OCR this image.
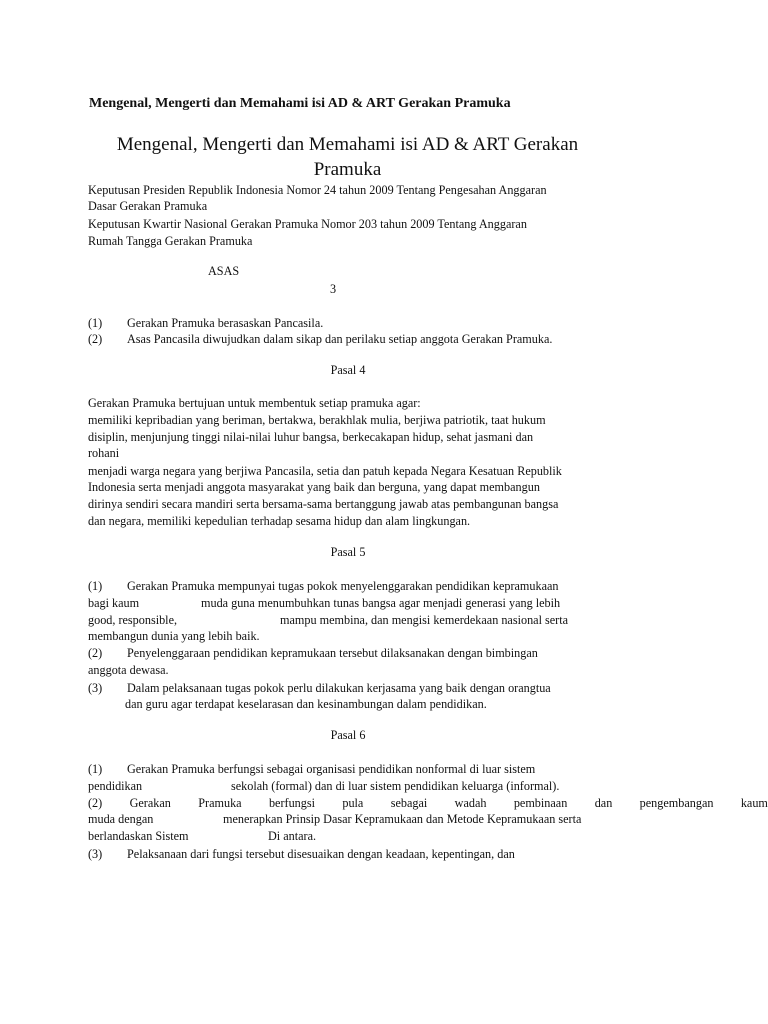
Mengenal, Mengerti dan Memahami isi AD & ART Gerakan Pramuka
Mengenal, Mengerti dan Memahami isi AD & ART Gerakan
Pramuka
Keputusan Presiden Republik Indonesia Nomor 24 tahun 2009 Tentang Pengesahan Anggaran
Dasar Gerakan Pramuka
Keputusan Kwartir Nasional Gerakan Pramuka Nomor 203 tahun 2009 Tentang Anggaran
Rumah Tangga Gerakan Pramuka
ASAS
3
(1) Gerakan Pramuka berasaskan Pancasila.
(2) Asas Pancasila diwujudkan dalam sikap dan perilaku setiap anggota Gerakan Pramuka.
Pasal 4
Gerakan Pramuka bertujuan untuk membentuk setiap pramuka agar:
memiliki kepribadian yang beriman, bertakwa, berakhlak mulia, berjiwa patriotik, taat hukum
disiplin, menjunjung tinggi nilai-nilai luhur bangsa, berkecakapan hidup, sehat jasmani dan
rohani
menjadi warga negara yang berjiwa Pancasila, setia dan patuh kepada Negara Kesatuan Republik
Indonesia serta menjadi anggota masyarakat yang baik dan berguna, yang dapat membangun
dirinya sendiri secara mandiri serta bersama-sama bertanggung jawab atas pembangunan bangsa
dan negara, memiliki kepedulian terhadap sesama hidup dan alam lingkungan.
Pasal 5
(1) Gerakan Pramuka mempunyai tugas pokok menyelenggarakan pendidikan kepramukaan
bagi kaum	muda guna menumbuhkan tunas bangsa agar menjadi generasi yang lebih
good, responsible,	mampu membina, dan mengisi kemerdekaan nasional serta
membangun dunia yang lebih baik.
(2) Penyelenggaraan pendidikan kepramukaan tersebut dilaksanakan dengan bimbingan
anggota dewasa.
(3) Dalam pelaksanaan tugas pokok perlu dilakukan kerjasama yang baik dengan orangtua
dan guru agar terdapat keselarasan dan kesinambungan dalam pendidikan.
Pasal 6
(1) Gerakan Pramuka berfungsi sebagai organisasi pendidikan nonformal di luar sistem
pendidikan	sekolah (formal) dan di luar sistem pendidikan keluarga (informal).
(2) Gerakan Pramuka berfungsi pula sebagai wadah pembinaan dan pengembangan kaum
muda dengan	menerapkan Prinsip Dasar Kepramukaan dan Metode Kepramukaan serta
berlandaskan Sistem	Di antara.
(3) Pelaksanaan dari fungsi tersebut disesuaikan dengan keadaan, kepentingan, dan
